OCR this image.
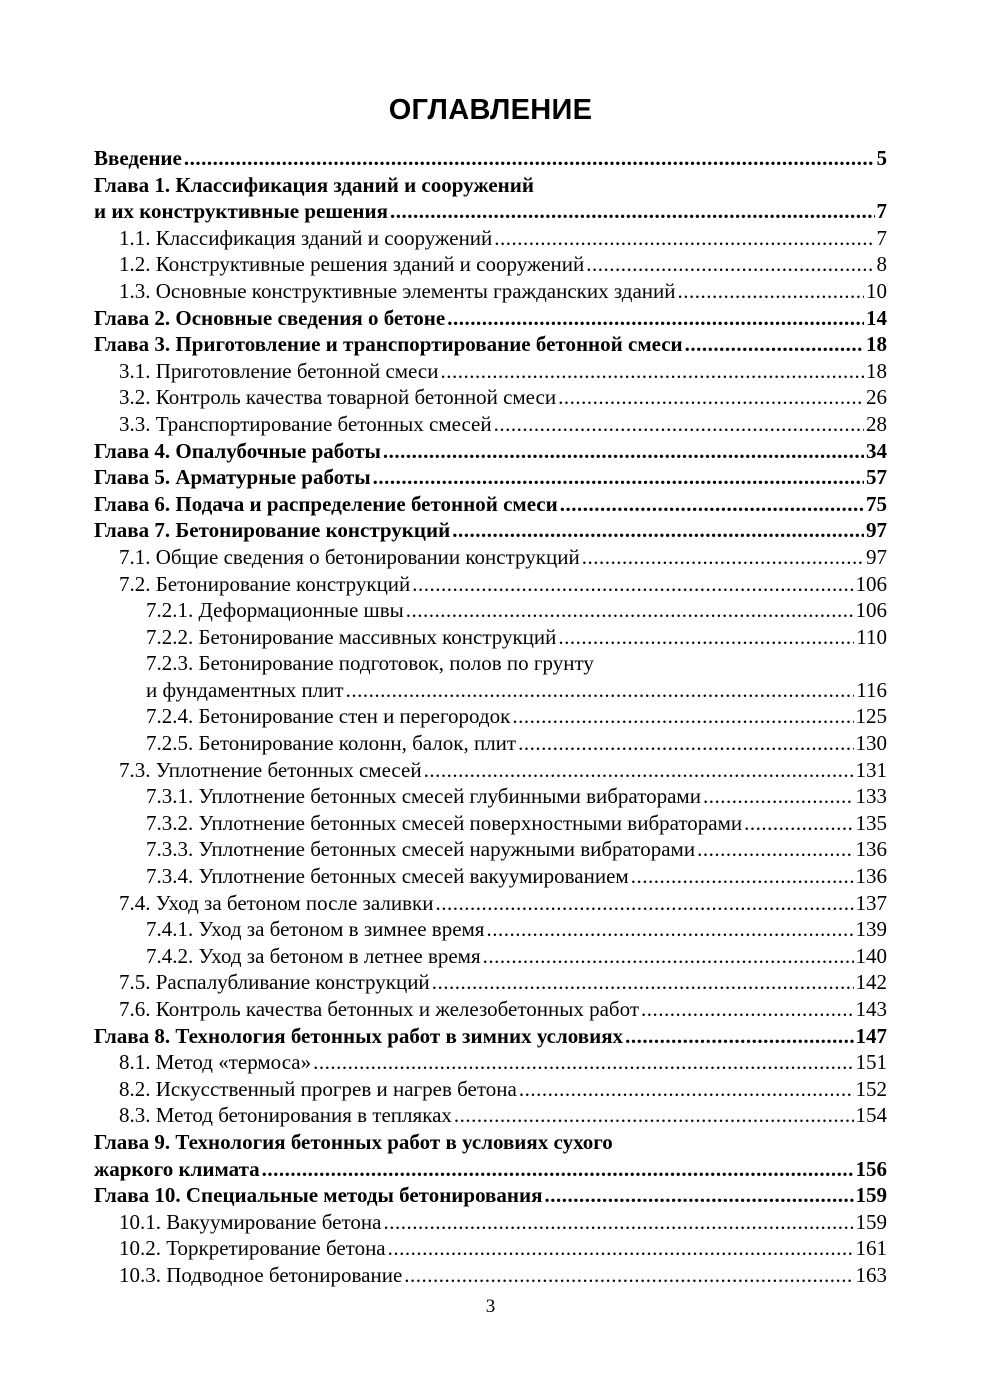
ОГЛАВЛЕНИЕ
Введение .....	5
Глава 1. Классификация зданий и сооружений
и их конструктивные решения .....	7
1.1. Классификация зданий и сооружений .....	7
1.2. Конструктивные решения зданий и сооружений .....	8
1.3. Основные конструктивные элементы гражданских зданий .....	10
Глава 2. Основные сведения о бетоне .....	14
Глава 3. Приготовление и транспортирование бетонной смеси .....	18
3.1. Приготовление бетонной смеси .....	18
3.2. Контроль качества товарной бетонной смеси .....	26
3.3. Транспортирование бетонных смесей .....	28
Глава 4. Опалубочные работы .....	34
Глава 5. Арматурные работы .....	57
Глава 6. Подача и распределение бетонной смеси .....	75
Глава 7. Бетонирование конструкций .....	97
7.1. Общие сведения о бетонировании конструкций .....	97
7.2. Бетонирование конструкций .....	106
7.2.1. Деформационные швы .....	106
7.2.2. Бетонирование массивных конструкций .....	110
7.2.3. Бетонирование подготовок, полов по грунту
и фундаментных плит .....	116
7.2.4. Бетонирование стен и перегородок .....	125
7.2.5. Бетонирование колонн, балок, плит .....	130
7.3. Уплотнение бетонных смесей .....	131
7.3.1. Уплотнение бетонных смесей глубинными вибраторами .....	133
7.3.2. Уплотнение бетонных смесей поверхностными вибраторами .....	135
7.3.3. Уплотнение бетонных смесей наружными вибраторами .....	136
7.3.4. Уплотнение бетонных смесей вакуумированием .....	136
7.4. Уход за бетоном после заливки .....	137
7.4.1. Уход за бетоном в зимнее время .....	139
7.4.2. Уход за бетоном в летнее время .....	140
7.5. Распалубливание конструкций .....	142
7.6. Контроль качества бетонных и железобетонных работ .....	143
Глава 8. Технология бетонных работ в зимних условиях .....	147
8.1. Метод «термоса» .....	151
8.2. Искусственный прогрев и нагрев бетона .....	152
8.3. Метод бетонирования в тепляках .....	154
Глава 9. Технология бетонных работ в условиях сухого
жаркого климата .....	156
Глава 10. Специальные методы бетонирования .....	159
10.1. Вакуумирование бетона .....	159
10.2. Торкретирование бетона .....	161
10.3. Подводное бетонирование .....	163
3
